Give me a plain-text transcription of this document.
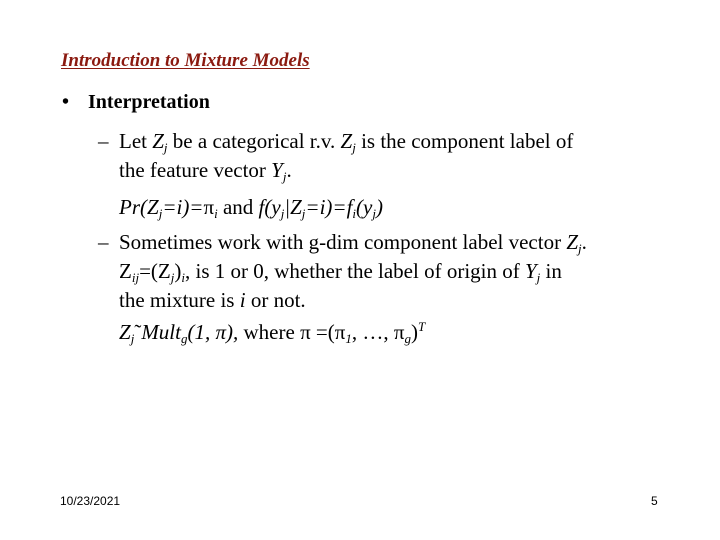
Introduction to Mixture Models
• Interpretation
– Let $Z_j$ be a categorical r.v. $Z_j$ is the component label of
the feature vector $Y_j$.
$Pr(Z_j=i)=\pi_i$ and $f(y_j|Z_j=i)=f_i(y_j)$
– Sometimes work with g-dim component label vector $Z_j$.
$Z_{ij}=(Z_j)_i$, is 1 or 0, whether the label of origin of $Y_j$ in
the mixture is i or not.
$Z_j˜Mult_g(1$, π), where $\pi =(\pi_1$, …, $\pi_g)^T$
10/23/2021	5
